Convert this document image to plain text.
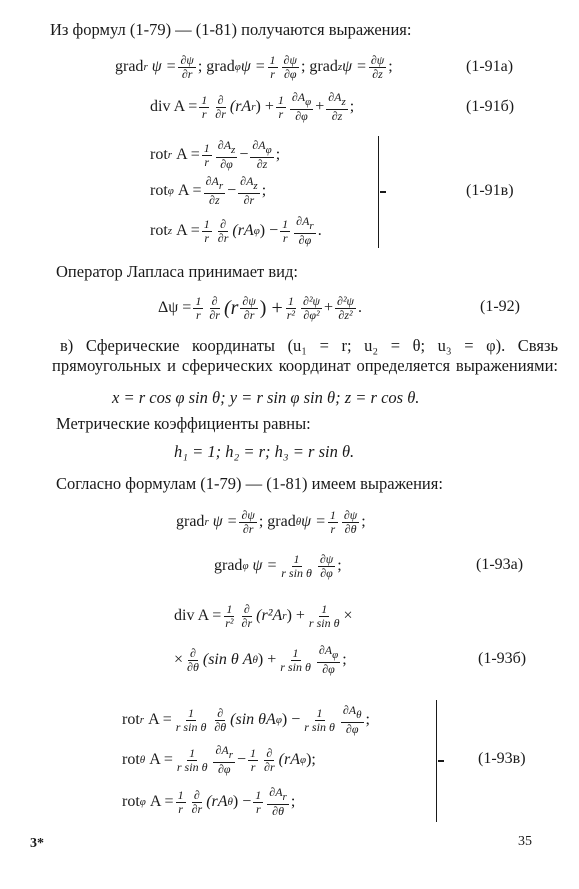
Из формул (1-79) — (1-81) получаются выражения:
grad r
$\psi = \frac{\partial\psi}{\partial r}$ ; grad φ $\psi = \frac{1}{r} \partial\psi$
∂φ ; grad z $\psi = \frac{\partial\psi}{\partial z}$ ;	(1-91а)
div $A = \frac{1}{r}$ ∂
∂r (rA r ) + $\frac{1}{r} \partial A\varphi$
∂φ
+ $\frac{\partial Az}{\partial z}$ ;	(1-91б)
rot r
$A = \frac{1}{r} \partial Az$
∂φ
− $\frac{\partial A\varphi}{\partial z}$ ;
rot φ
$A = \frac{\partial Ar}{\partial z} - \frac{\partial Az}{\partial r}$ ;
rot z
$A = \frac{1}{r}$ ∂
∂r (rA φ ) − $\frac{1}{r} \partial Ar$
∂φ
.
(1-91в)
Оператор Лапласа принимает вид:
$\Delta\psi = \frac{1}{r}$ ∂
∂r (r ∂ψ
∂r ) + $\frac{1}{\text{r²}} \partial^2\psi$
$\partial\varphi^2 + \frac{\text{∂²ψ}}{\text{∂z²}}$ .	(1-92)
в) Сферические координаты (u₁ = r; u₂ = θ; u₃ = φ). Связь прямоугольных и сферических координат определяется выражениями:
x = r cos φ sin θ; y = r sin φ sin θ; z = r cos θ.
Метрические коэффициенты равны:
h₁ = 1; h₂ = r; h₃ = r sin θ.
Согласно формулам (1-79) — (1-81) имеем выражения:
grad r
$\psi = \frac{\partial\psi}{\partial r}$ ; grad θ $\psi = \frac{1}{r} \partial\psi$
∂θ ;
grad φ
$\psi = \frac{1}{\text{r sin θ}} \partial\psi$
∂φ ;	(1-93а)
div $A = \frac{1}{\text{r²}}$ ∂
∂r (r²A r ) + $\frac{1}{\text{r sin θ}}$ ×
× ∂
∂θ (sin θ A θ ) + $\frac{1}{\text{r sin θ}} \partial A\varphi$
∂φ
;	(1-93б)
rot r
$A = \frac{1}{\text{r sin θ}}$ ∂
∂θ (sin θA φ ) − $\frac{1}{\text{r sin θ}} \partial A\theta$
∂φ
;
rot θ
$A = \frac{1}{\text{r sin θ}} \partial Ar$
∂φ
− $\frac{1}{r}$ ∂
∂r (rA φ );
rot φ
$A = \frac{1}{r}$ ∂
∂r (rA θ ) − $\frac{1}{r} \partial Ar$
∂θ
;
(1-93в)
3*	35
